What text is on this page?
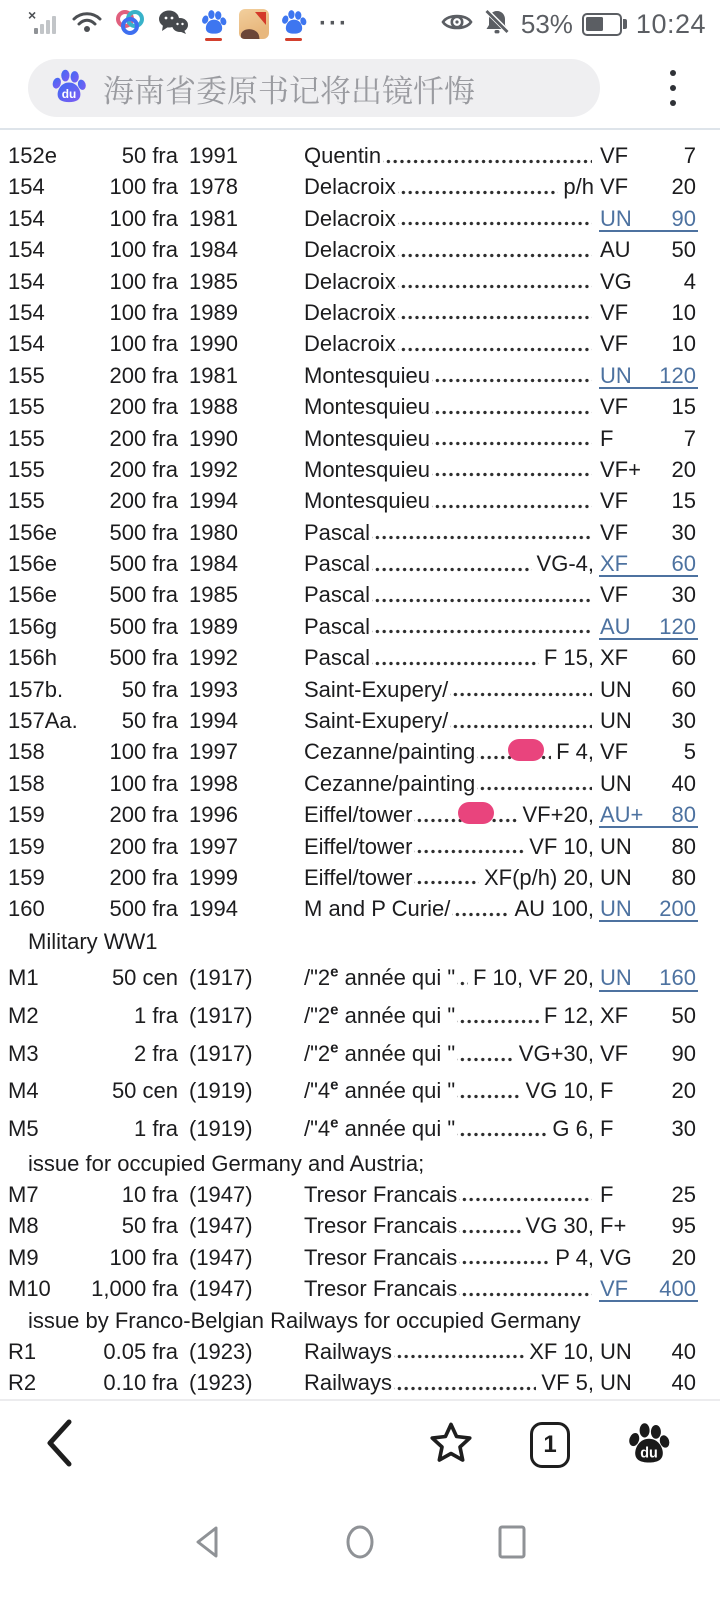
×	···	53% 10:24
du 海南省委原书记将出镜忏悔
152e	50 fra 1991	Quentin	VF	7
154	100 fra 1978	Delacroix	p/h VF 20
154	100 fra 1981	Delacroix	UN 90
154	100 fra 1984	Delacroix	AU 50
154	100 fra 1985	Delacroix	VG 4
154	100 fra 1989	Delacroix	VF 10
154	100 fra 1990	Delacroix	VF 10
155	200 fra 1981	Montesquieu	UN 120
155	200 fra 1988	Montesquieu	VF 15
155	200 fra 1990	Montesquieu	F	7
155	200 fra 1992	Montesquieu	VF+ 20
155	200 fra 1994	Montesquieu	VF 15
156e	500 fra 1980	Pascal	VF 30
156e	500 fra 1984	Pascal	VG-4, XF 60
156e	500 fra 1985	Pascal	VF 30
156g	500 fra 1989	Pascal	AU 120
156h	500 fra 1992	Pascal	F 15, XF 60
157b.	50 fra 1993	Saint-Exupery/	UN 60
157Aa.	50 fra 1994	Saint-Exupery/	UN 30
158	100 fra 1997	Cezanne/painting	F 4, VF	5
158	100 fra 1998	Cezanne/painting	UN 40
159	200 fra 1996	Eiffel/tower	VF+20, AU+ 80
159	200 fra 1997	Eiffel/tower	VF 10, UN 80
159	200 fra 1999	Eiffel/tower	XF(p/h) 20, UN 80
160	500 fra 1994	M and P Curie/	AU 100, UN 200
Military WW1
M1	50 cen (1917)	/"2e année qui " F 10, VF 20, UN 160
M2	1 fra (1917)	/"2e année qui "	F 12, XF 50
M3	2 fra (1917)	/"2e année qui "	VG+30, VF 90
M4	50 cen (1919)	/"4e année qui "	VG 10, F	20
M5	1 fra (1919)	/"4e année qui "	G 6, F	30
issue for occupied Germany and Austria;
M7	10 fra (1947)	Tresor Francais	F	25
M8	50 fra (1947)	Tresor Francais	VG 30, F+ 95
M9	100 fra (1947)	Tresor Francais	P 4, VG 20
M10	1,000 fra (1947)	Tresor Francais	VF 400
issue by Franco-Belgian Railways for occupied Germany
R1	0.05 fra (1923)	Railways	XF 10, UN 40
R2	0.10 fra (1923)	Railways	VF 5, UN 40
1	du
